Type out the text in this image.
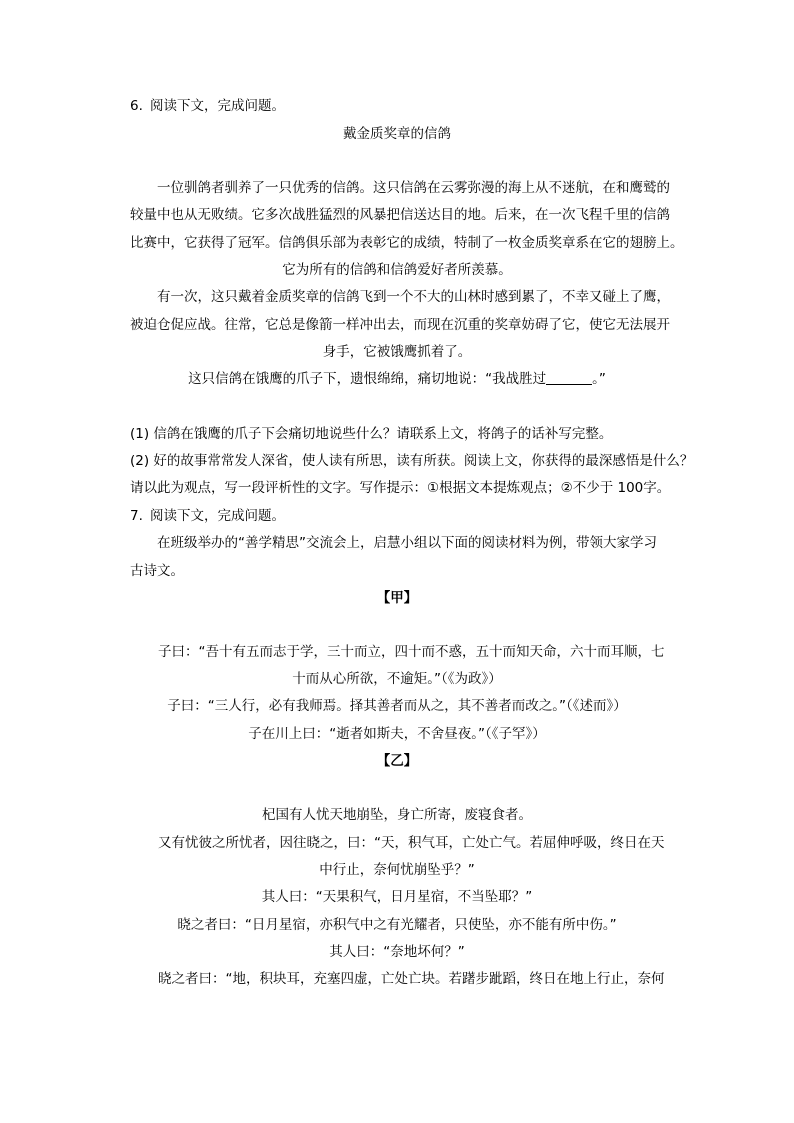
6. 阅读下文，完成问题。
戴金质奖章的信鸽
一位驯鸽者驯养了一只优秀的信鸽。这只信鸽在云雾弥漫的海上从不迷航，在和鹰鹫的
较量中也从无败绩。它多次战胜猛烈的风暴把信送达目的地。后来，在一次飞程千里的信鸽
比赛中，它获得了冠军。信鸽俱乐部为表彰它的成绩，特制了一枚金质奖章系在它的翅膀上。
它为所有的信鸽和信鸽爱好者所羡慕。
有一次，这只戴着金质奖章的信鸽飞到一个不大的山林时感到累了，不幸又碰上了鹰，
被迫仓促应战。往常，它总是像箭一样冲出去，而现在沉重的奖章妨碍了它，使它无法展开
身手，它被饿鹰抓着了。
这只信鸽在饿鹰的爪子下，遗恨绵绵，痛切地说：“我战胜过	。”
(1) 信鸽在饿鹰的爪子下会痛切地说些什么？请联系上文，将鸽子的话补写完整。
(2) 好的故事常常发人深省，使人读有所思，读有所获。阅读上文，你获得的最深感悟是什么？
请以此为观点，写一段评析性的文字。写作提示：①根据文本提炼观点；②不少于 100字。
7. 阅读下文，完成问题。
在班级举办的“善学精思”交流会上，启慧小组以下面的阅读材料为例，带领大家学习
古诗文。
【甲】
子曰：“吾十有五而志于学，三十而立，四十而不惑，五十而知天命，六十而耳顺，七
十而从心所欲，不逾矩。”（《为政》）
子曰：“三人行，必有我师焉。择其善者而从之，其不善者而改之。”（《述而》）
子在川上曰：“逝者如斯夫，不舍昼夜。”（《子罕》）
【乙】
杞国有人忧天地崩坠，身亡所寄，废寝食者。
又有忧彼之所忧者，因往晓之，曰：“天，积气耳，亡处亡气。若屈伸呼吸，终日在天
中行止，奈何忧崩坠乎？”
其人曰：“天果积气，日月星宿，不当坠耶？”
晓之者曰：“日月星宿，亦积气中之有光耀者，只使坠，亦不能有所中伤。”
其人曰：“奈地坏何？”
晓之者曰：“地，积块耳，充塞四虚，亡处亡块。若躇步跐蹈，终日在地上行止，奈何
